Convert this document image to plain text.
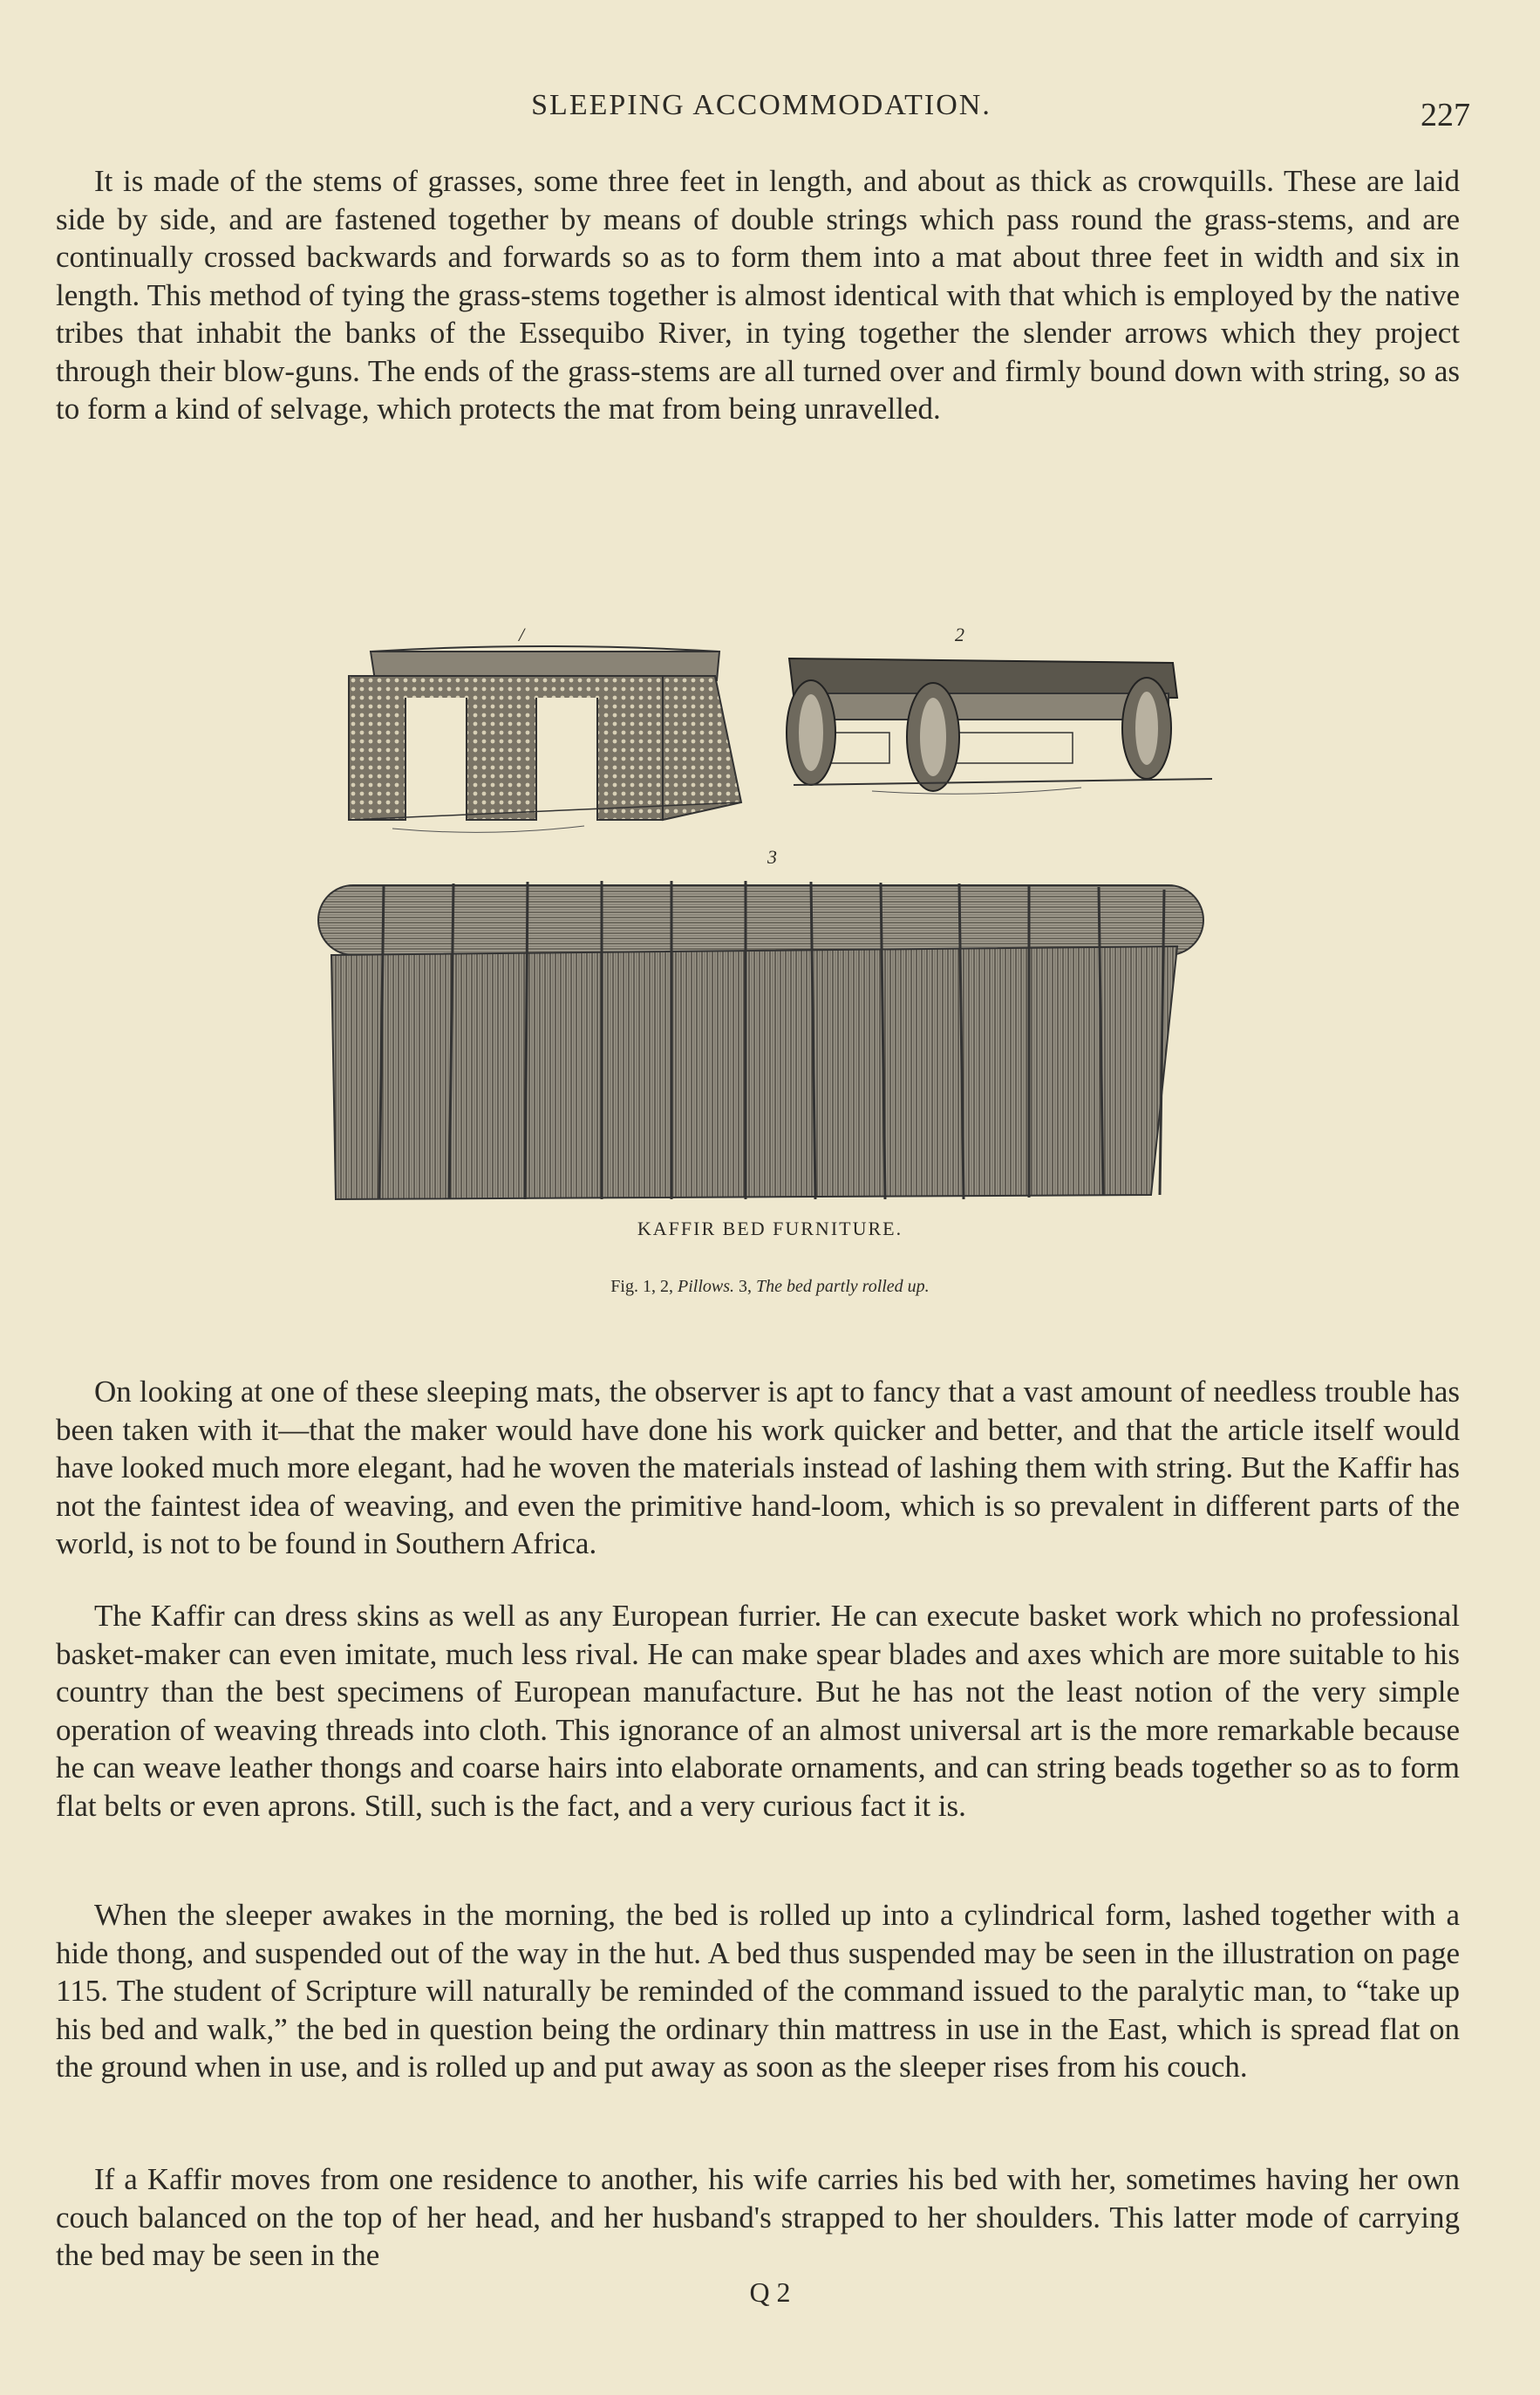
SLEEPING ACCOMMODATION.	227

It is made of the stems of grasses, some three feet in length, and about as thick as crowquills. These are laid side by side, and are fastened together by means of double strings which pass round the grass-stems, and are continually crossed backwards and forwards so as to form them into a mat about three feet in width and six in length. This method of tying the grass-stems together is almost identical with that which is employed by the native tribes that inhabit the banks of the Essequibo River, in tying together the slender arrows which they project through their blow-guns. The ends of the grass-stems are all turned over and firmly bound down with string, so as to form a kind of selvage, which protects the mat from being unravelled.

/	2
3
KAFFIR BED FURNITURE.
Fig. 1, 2, Pillows. 3, The bed partly rolled up.

On looking at one of these sleeping mats, the observer is apt to fancy that a vast amount of needless trouble has been taken with it—that the maker would have done his work quicker and better, and that the article itself would have looked much more elegant, had he woven the materials instead of lashing them with string. But the Kaffir has not the faintest idea of weaving, and even the primitive hand-loom, which is so prevalent in different parts of the world, is not to be found in Southern Africa.

The Kaffir can dress skins as well as any European furrier. He can execute basket work which no professional basket-maker can even imitate, much less rival. He can make spear blades and axes which are more suitable to his country than the best specimens of European manufacture. But he has not the least notion of the very simple operation of weaving threads into cloth. This ignorance of an almost universal art is the more remarkable because he can weave leather thongs and coarse hairs into elaborate ornaments, and can string beads together so as to form flat belts or even aprons. Still, such is the fact, and a very curious fact it is.

When the sleeper awakes in the morning, the bed is rolled up into a cylindrical form, lashed together with a hide thong, and suspended out of the way in the hut. A bed thus suspended may be seen in the illustration on page 115. The student of Scripture will naturally be reminded of the command issued to the paralytic man, to “take up his bed and walk,” the bed in question being the ordinary thin mattress in use in the East, which is spread flat on the ground when in use, and is rolled up and put away as soon as the sleeper rises from his couch.

If a Kaffir moves from one residence to another, his wife carries his bed with her, sometimes having her own couch balanced on the top of her head, and her husband's strapped to her shoulders. This latter mode of carrying the bed may be seen in the

Q 2
